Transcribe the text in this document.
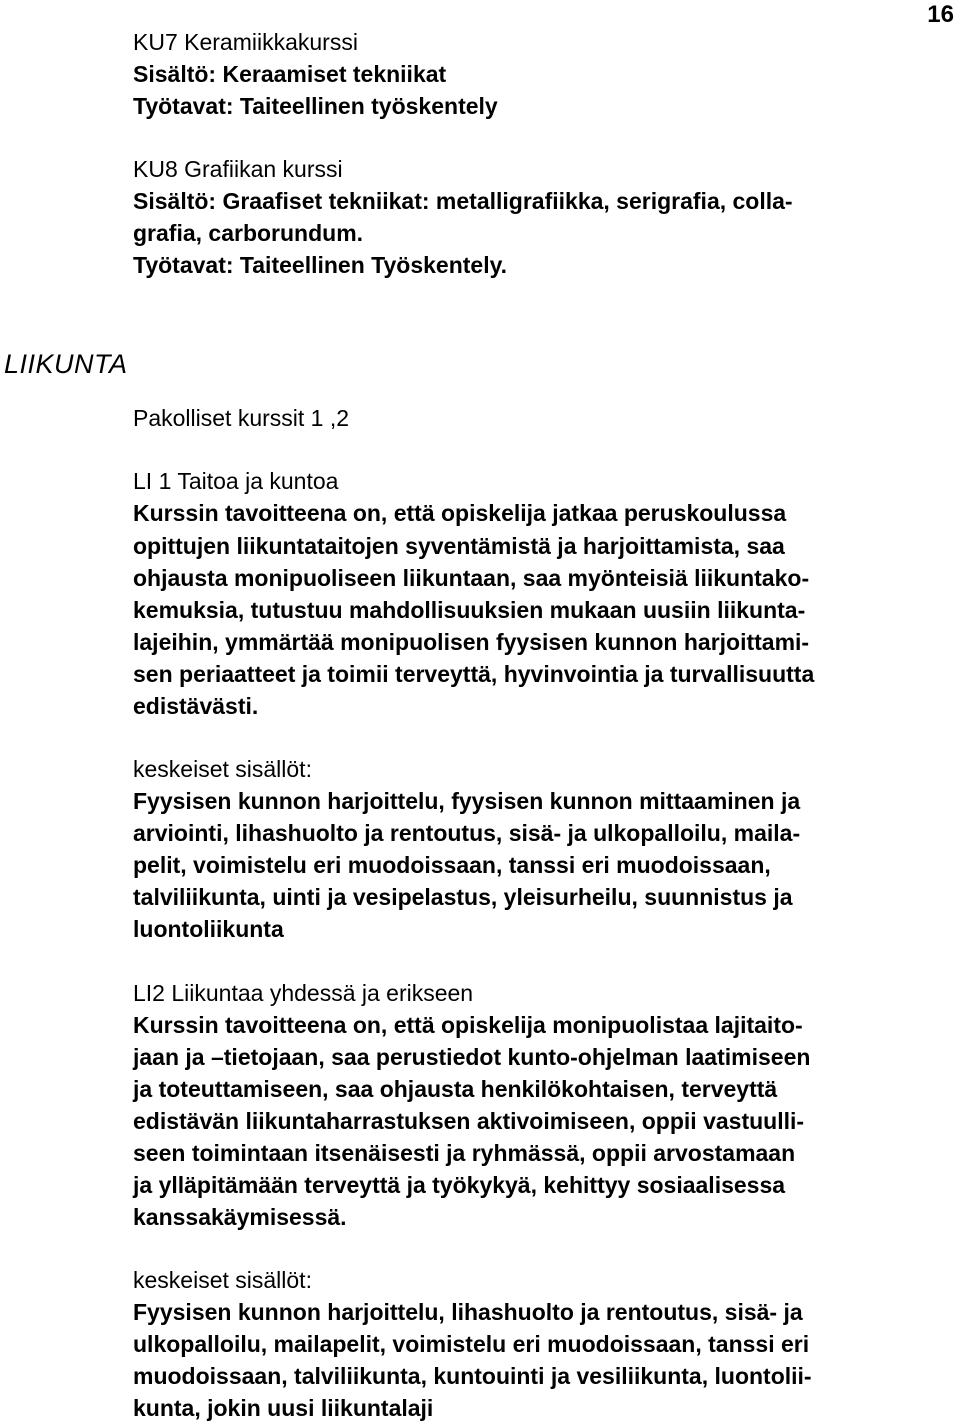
16
KU7 Keramiikkakurssi
Sisältö: Keraamiset tekniikat
Työtavat: Taiteellinen työskentely
KU8 Grafiikan kurssi
Sisältö: Graafiset tekniikat: metalligrafiikka, serigrafia, colla-
grafia, carborundum.
Työtavat: Taiteellinen Työskentely.
LIIKUNTA
Pakolliset kurssit 1 ,2
LI 1 Taitoa ja kuntoa
Kurssin tavoitteena on, että opiskelija jatkaa peruskoulussa
opittujen liikuntataitojen syventämistä ja harjoittamista, saa
ohjausta monipuoliseen liikuntaan, saa myönteisiä liikuntako-
kemuksia, tutustuu mahdollisuuksien mukaan uusiin liikunta-
lajeihin, ymmärtää monipuolisen fyysisen kunnon harjoittami-
sen periaatteet ja toimii terveyttä, hyvinvointia ja turvallisuutta
edistävästi.
keskeiset sisällöt:
Fyysisen kunnon harjoittelu, fyysisen kunnon mittaaminen ja
arviointi, lihashuolto ja rentoutus, sisä- ja ulkopalloilu, maila-
pelit, voimistelu eri muodoissaan, tanssi eri muodoissaan,
talviliikunta, uinti ja vesipelastus, yleisurheilu, suunnistus ja
luontoliikunta
LI2 Liikuntaa yhdessä ja erikseen
Kurssin tavoitteena on, että opiskelija monipuolistaa lajitaito-
jaan ja –tietojaan, saa perustiedot kunto-ohjelman laatimiseen
ja toteuttamiseen, saa ohjausta henkilökohtaisen, terveyttä
edistävän liikuntaharrastuksen aktivoimiseen, oppii vastuulli-
seen toimintaan itsenäisesti ja ryhmässä, oppii arvostamaan
ja ylläpitämään terveyttä ja työkykyä, kehittyy sosiaalisessa
kanssakäymisessä.
keskeiset sisällöt:
Fyysisen kunnon harjoittelu, lihashuolto ja rentoutus, sisä- ja
ulkopalloilu, mailapelit, voimistelu eri muodoissaan, tanssi eri
muodoissaan, talviliikunta, kuntouinti ja vesiliikunta, luontolii-
kunta, jokin uusi liikuntalaji
